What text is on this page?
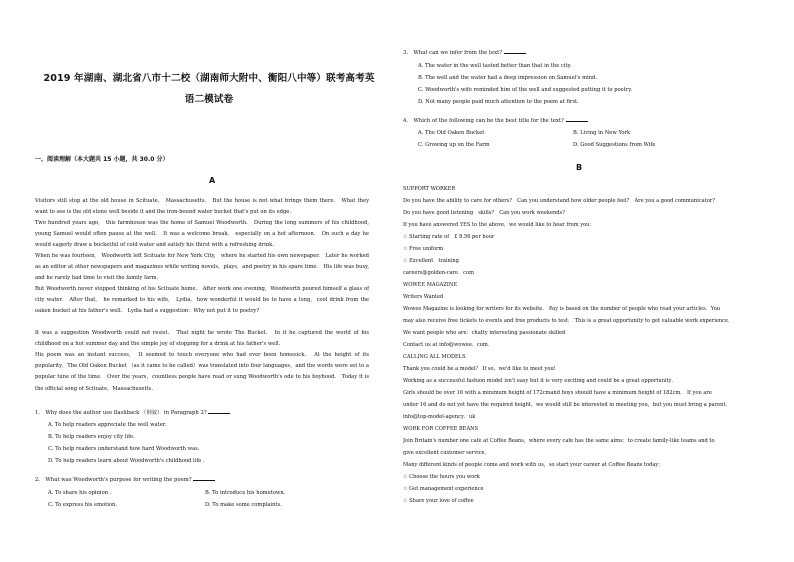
2019 年湖南、湖北省八市十二校（湖南师大附中、衡阳八中等）联考高考英
语二模试卷
一、阅读理解（本大题共 15 小题，共 30.0 分）
A
Visitors still stop at the old house in Scituate,　Massachusetts.　But the house is not what brings them there.　What they want to see is the old stone well beside it and the iron-bound water bucket that's put on its edge.
Two hundred years ago,　this farmhouse was the home of Samuel Woodworth.　During the long summers of his childhood,　young Samuel would often pause at the well.　It was a welcome break,　especially on a hot afternoon.　On such a day he would eagerly draw a bucketful of cold water and satisfy his thirst with a refreshing drink.
When he was fourteen,　Woodworth left Scituate for New York City,　where he started his own newspaper.　Later he worked as an editor at other newspapers and magazines while writing novels，plays，and poetry in his spare time.　His life was busy,　and he rarely had time to visit the family farm.
But Woodworth never stopped thinking of his Scituate home.　After work one evening，Woodworth poured himself a glass of city water.　After that,　he remarked to his wife,　Lydia，how wonderful it would be to have a long，cool drink from the oaken bucket at his father's well.　Lydia had a suggestion：Why not put it to poetry?
It was a suggestion Woodworth could not resist.　That night he wrote The Bucket.　In it he captured the world of his childhood on a hot summer day and the simple joy of stopping for a drink at his father's well.
His poem was an instant success,　It seemed to touch everyone who had ever been homesick.　At the height of its popularity，The Old Oaken Bucket （as it came to be called）was translated into four languages，and the words were set to a popular tune of the time.　Over the years，countless people have read or sung Woodworth's ode to his boyhood.　Today it is the official song of Scituate，Massachusetts.
1.　Why does the author use flashback （倒叙） in Paragraph 2?
A. To help readers appreciate the well water.
B. To help readers enjoy city life.
C. To help readers understand how hard Woodworth was.
D. To help readers learn about Woodworth's childhood life .
2.　What was Woodworth's purpose for writing the poem?
A. To share his opinion .	B. To introduce his hometown.
C. To express his emotion.	D. To make some complaints.
3.　What can we infer from the text?
A. The water in the well tasted better than that in the city.
B. The well and the water had a deep impression on Samuel's mind.
C. Woodworth's wife reminded him of the well and suggested putting it to poetry.
D. Not many people paid much attention to the poem at first.
4.　Which of the following can be the best title for the text?
A. The Old Oaken Bucket	B. Living in New York
C. Growing up on the Farm	D. Good Suggestions from Wife
B
SUPPORT WORKER
Do you have the ability to care for others?　Can you understand how older people feel?　Are you a good communicator?
Do you have good listening　skills?　Can you work weekends?
If you have answered YES to the above，we would like to hear from you：
☆ Starting rate of　£ 8.56 per hour
☆ Free uniform
☆ Excellent　training
careers@golden-care．com
WOWEE MAGAZINE
Writers Wanted
Wowee Magazine is looking for writers for its website.　Pay is based on the number of people who read your articles．You
may also receive free tickets to events and free products to test.　This is a great opportunity to get valuable work experience．
We want people who are：chatty interesting passionate skilled
Contact us at info@wowee．com．
CALLING ALL MODELS
Thank you could be a model？ If so，we'd like to meet you!
Working as a successful fashion model isn't easy but it is very exciting and could be a great opportunity．
Girls should be over 16 with a minimum height of 172cmand boys should have a minimum height of 182cm.　If you are
under 16 and do not yet have the required height，we would still be interested in meeting you，but you must bring a parent．
info@top-model-agency．uk
WORK FOR COFFEE BEANS
Join Britain's number one cafe at Coffee Beans，where every cafe has the same aims：to create family-like teams and to
give excellent customer service．
Many different kinds of people come and work with us，so start your career at Coffee Beans today：
☆ Choose the hours you work
☆ Get management experience
☆ Share your love of coffee
